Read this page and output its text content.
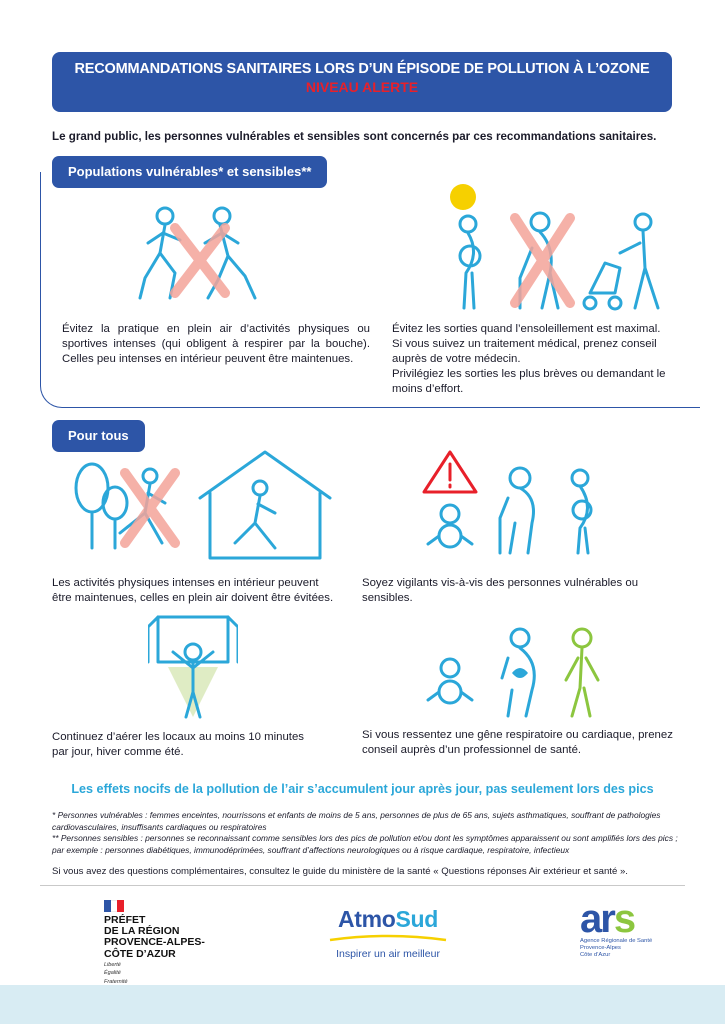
RECOMMANDATIONS SANITAIRES LORS D’UN ÉPISODE DE POLLUTION À L’OZONE
NIVEAU ALERTE
Le grand public, les personnes vulnérables et sensibles sont concernés par ces recommandations sanitaires.
Populations vulnérables* et sensibles**
Évitez la pratique en plein air d’activités physiques ou sportives intenses (qui obligent à respirer par la bouche). Celles peu intenses en intérieur peuvent être maintenues.
Évitez les sorties quand l’ensoleillement est maximal.
Si vous suivez un traitement médical, prenez conseil auprès de votre médecin.
Privilégiez les sorties les plus brèves ou demandant le moins d’effort.
Pour tous
Les activités physiques intenses en intérieur peuvent être maintenues, celles en plein air doivent être évitées.
Soyez vigilants vis-à-vis des personnes vulnérables ou sensibles.
Continuez d’aérer les locaux au moins 10 minutes par jour, hiver comme été.
Si vous ressentez une gêne respiratoire ou cardiaque, prenez conseil auprès d’un professionnel de santé.
Les effets nocifs de la pollution de l’air s’accumulent jour après jour, pas seulement lors des pics
* Personnes vulnérables : femmes enceintes, nourrissons et enfants de moins de 5 ans, personnes de plus de 65 ans, sujets asthmatiques, souffrant de pathologies cardiovasculaires, insuffisants cardiaques ou respiratoires
** Personnes sensibles : personnes se reconnaissant comme sensibles lors des pics de pollution et/ou dont les symptômes apparaissent ou sont amplifiés lors des pics ; par exemple : personnes diabétiques, immunodéprimées, souffrant d’affections neurologiques ou à risque cardiaque, respiratoire, infectieux
Si vous avez des questions complémentaires, consultez le guide du ministère de la santé « Questions réponses Air extérieur et santé ».
PRÉFET
DE LA RÉGION
PROVENCE-ALPES-
CÔTE D’AZUR
Liberté
Égalité
Fraternité
AtmoSud
Inspirer un air meilleur
ars
Agence Régionale de Santé
Provence-Alpes
Côte d’Azur
